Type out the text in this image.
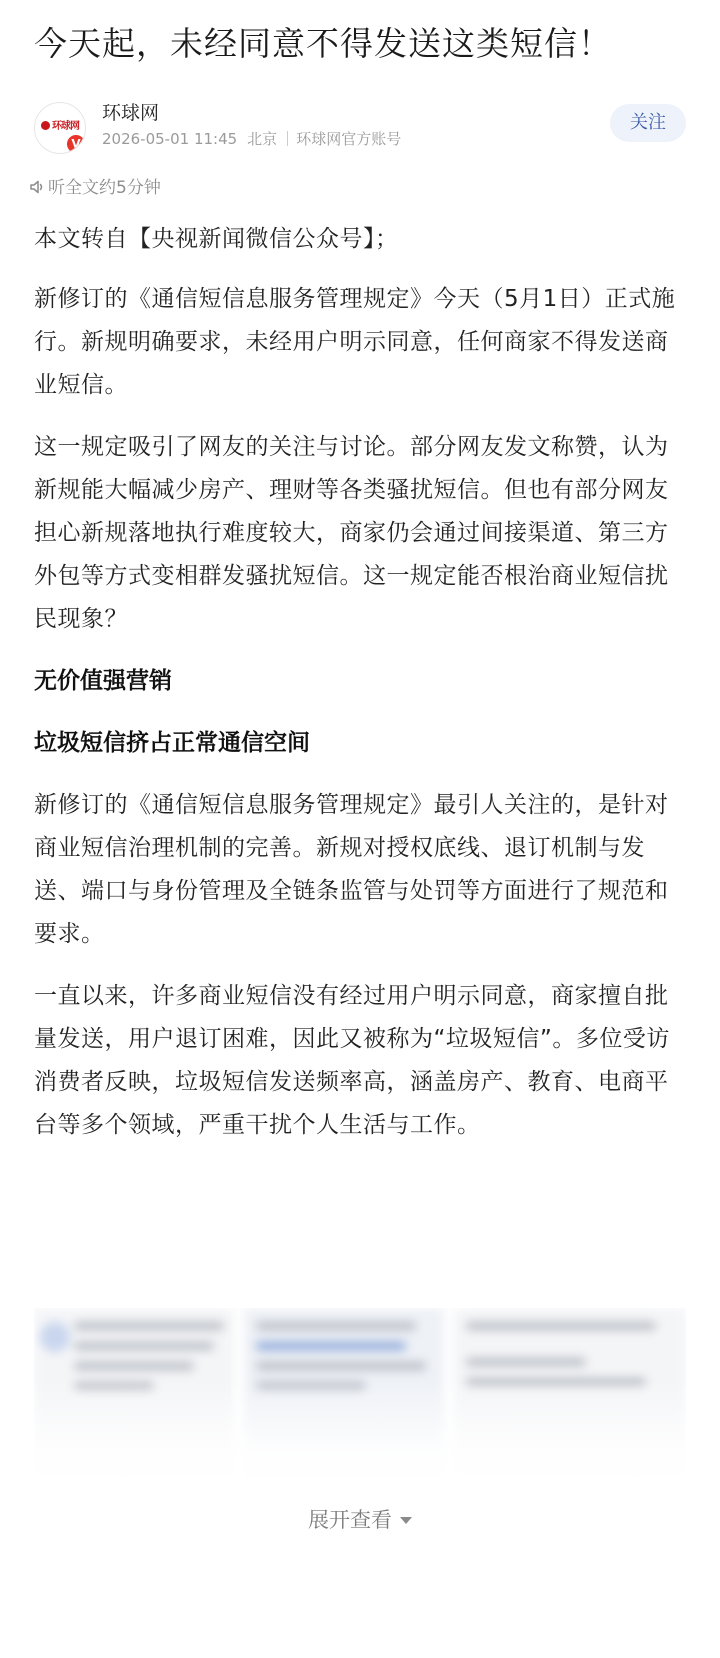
今天起，未经同意不得发送这类短信！
环球网
V
环球网
2026-05-01 11:45 北京 环球网官方账号
关注
听全文约5分钟

本文转自【央视新闻微信公众号】；

新修订的《通信短信息服务管理规定》今天（5月1日）正式施行。新规明确要求，未经用户明示同意，任何商家不得发送商业短信。

这一规定吸引了网友的关注与讨论。部分网友发文称赞，认为新规能大幅减少房产、理财等各类骚扰短信。但也有部分网友担心新规落地执行难度较大，商家仍会通过间接渠道、第三方外包等方式变相群发骚扰短信。这一规定能否根治商业短信扰民现象？

无价值强营销

垃圾短信挤占正常通信空间

新修订的《通信短信息服务管理规定》最引人关注的，是针对商业短信治理机制的完善。新规对授权底线、退订机制与发送、端口与身份管理及全链条监管与处罚等方面进行了规范和要求。

一直以来，许多商业短信没有经过用户明示同意，商家擅自批量发送，用户退订困难，因此又被称为“垃圾短信”。多位受访消费者反映，垃圾短信发送频率高，涵盖房产、教育、电商平台等多个领域，严重干扰个人生活与工作。

展开查看
